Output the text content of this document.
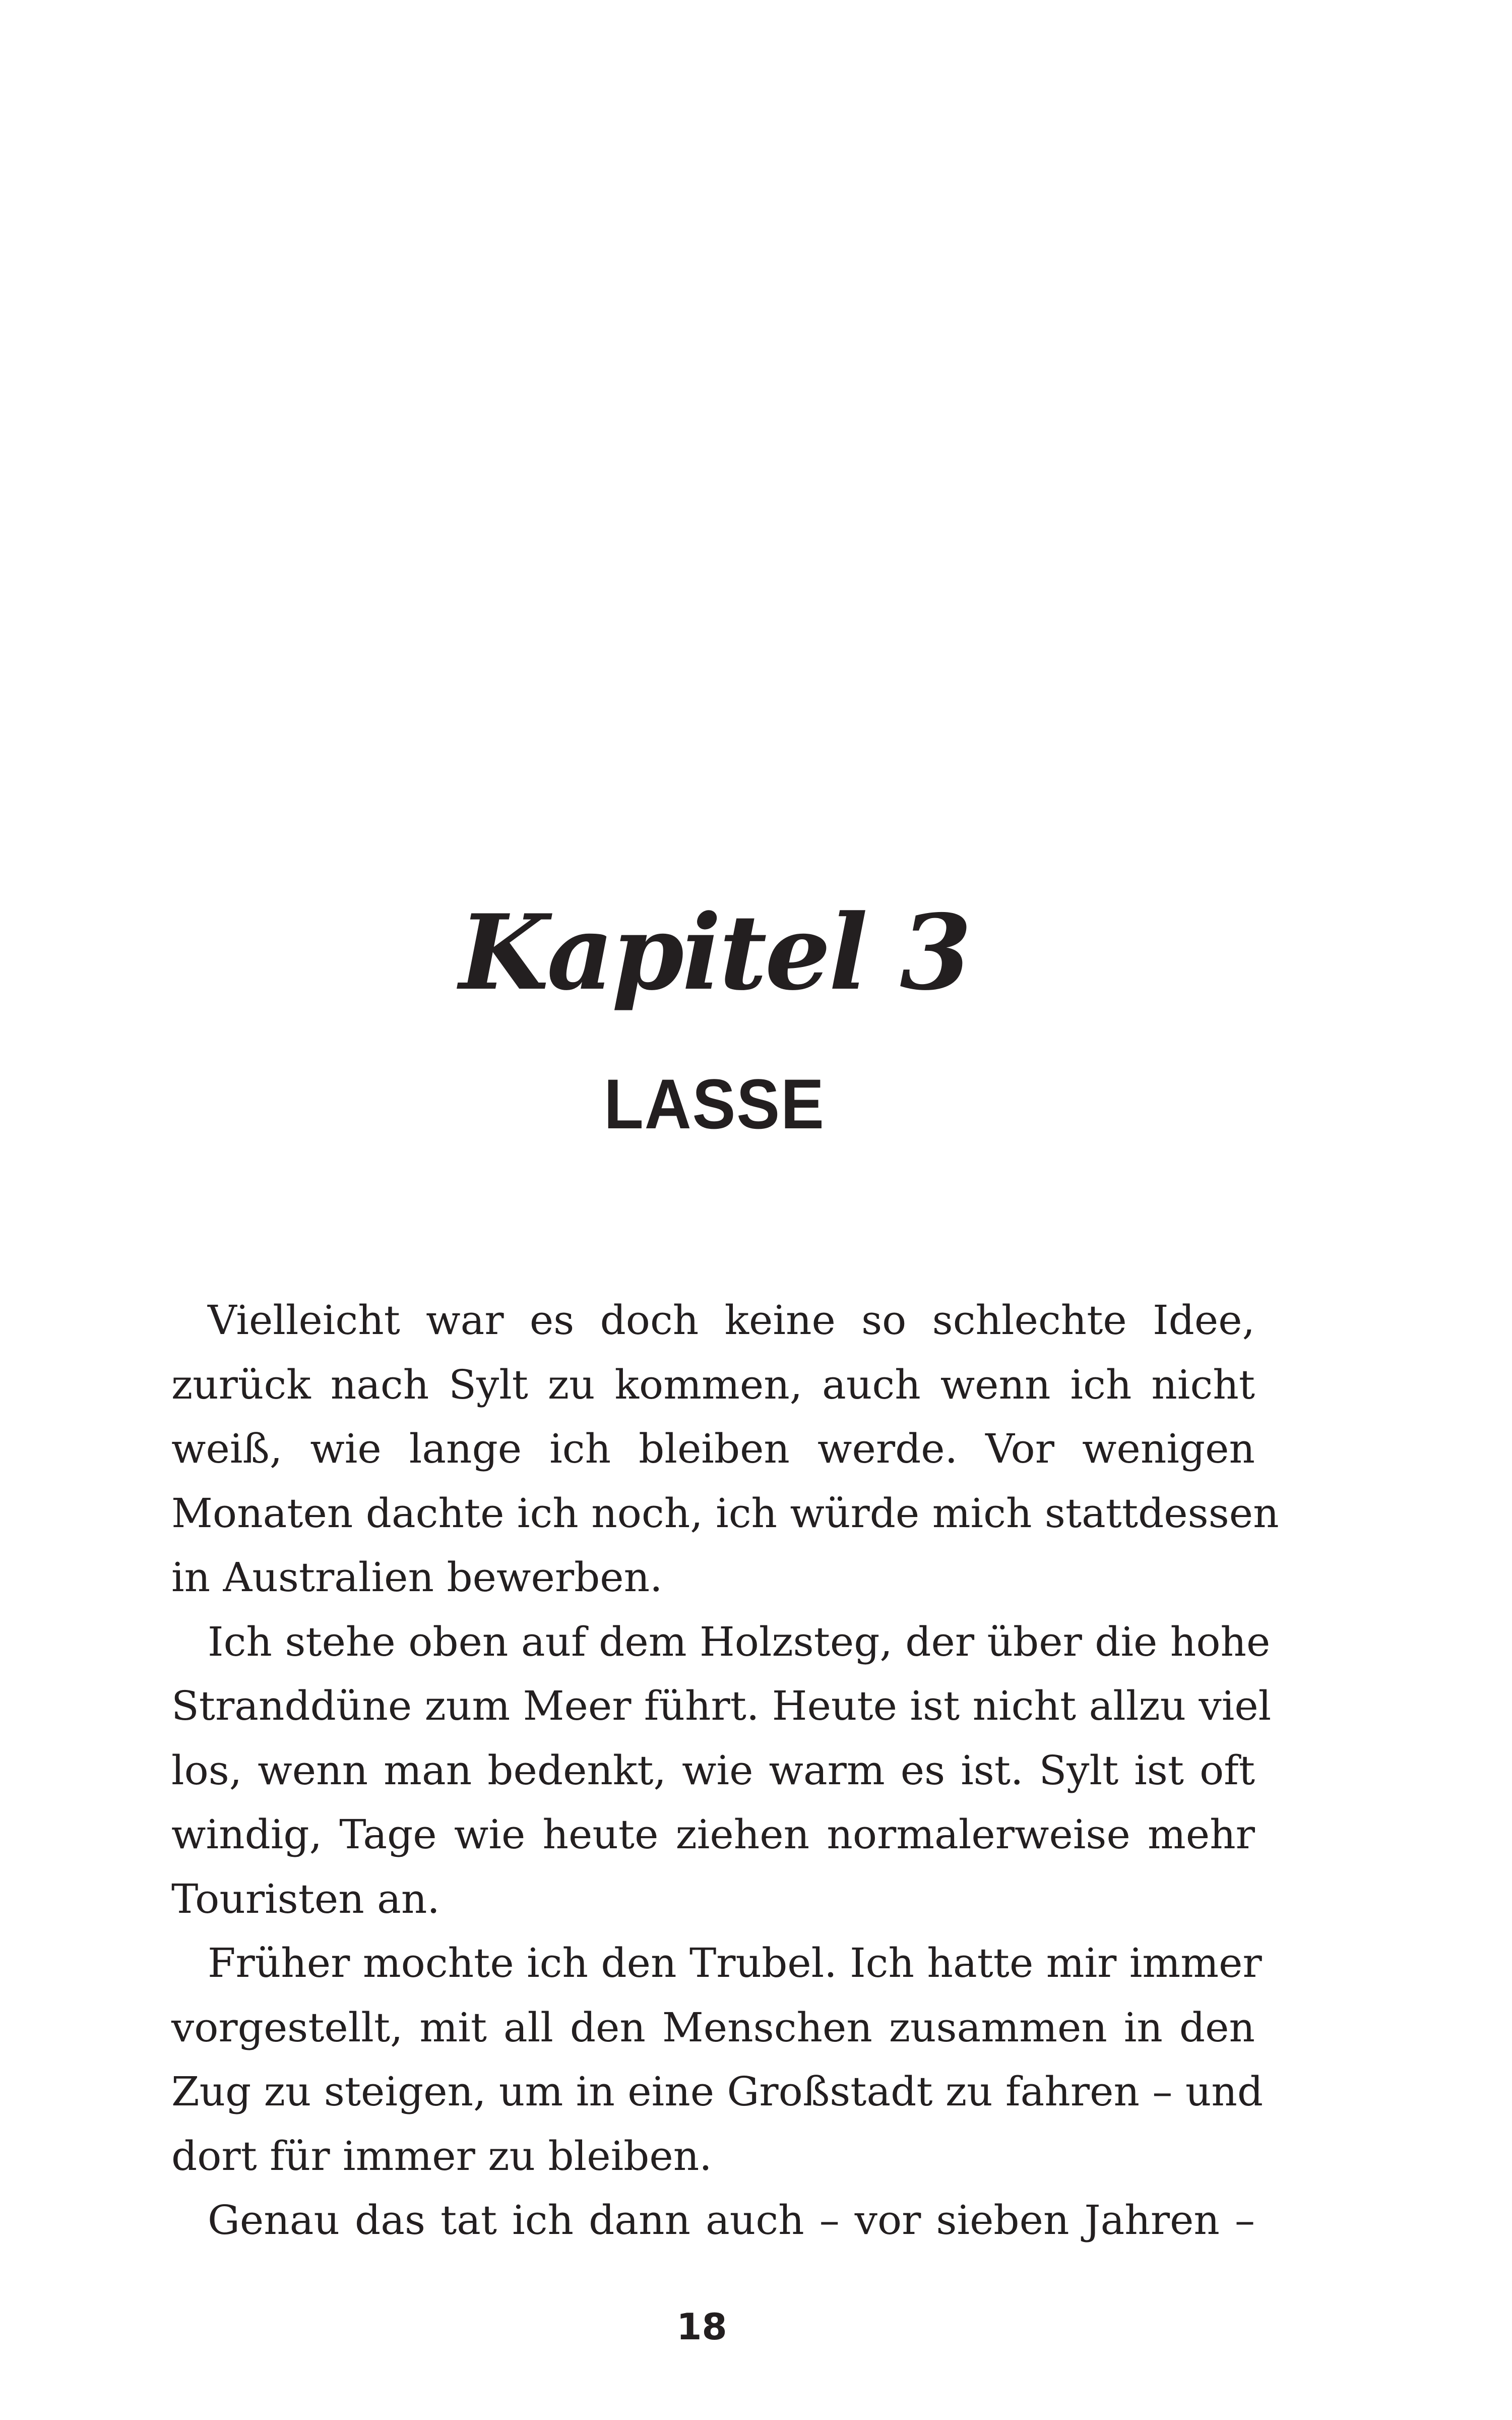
Kapitel 3
LASSE
Vielleicht war es doch keine so schlechte Idee,
zurück nach Sylt zu kommen, auch wenn ich nicht
weiß, wie lange ich bleiben werde. Vor wenigen
Monaten dachte ich noch, ich würde mich stattdessen
in Australien bewerben.
Ich stehe oben auf dem Holzsteg, der über die hohe
Stranddüne zum Meer führt. Heute ist nicht allzu viel
los, wenn man bedenkt, wie warm es ist. Sylt ist oft
windig, Tage wie heute ziehen normalerweise mehr
Touristen an.
Früher mochte ich den Trubel. Ich hatte mir immer
vorgestellt, mit all den Menschen zusammen in den
Zug zu steigen, um in eine Großstadt zu fahren – und
dort für immer zu bleiben.
Genau das tat ich dann auch – vor sieben Jahren –
18
